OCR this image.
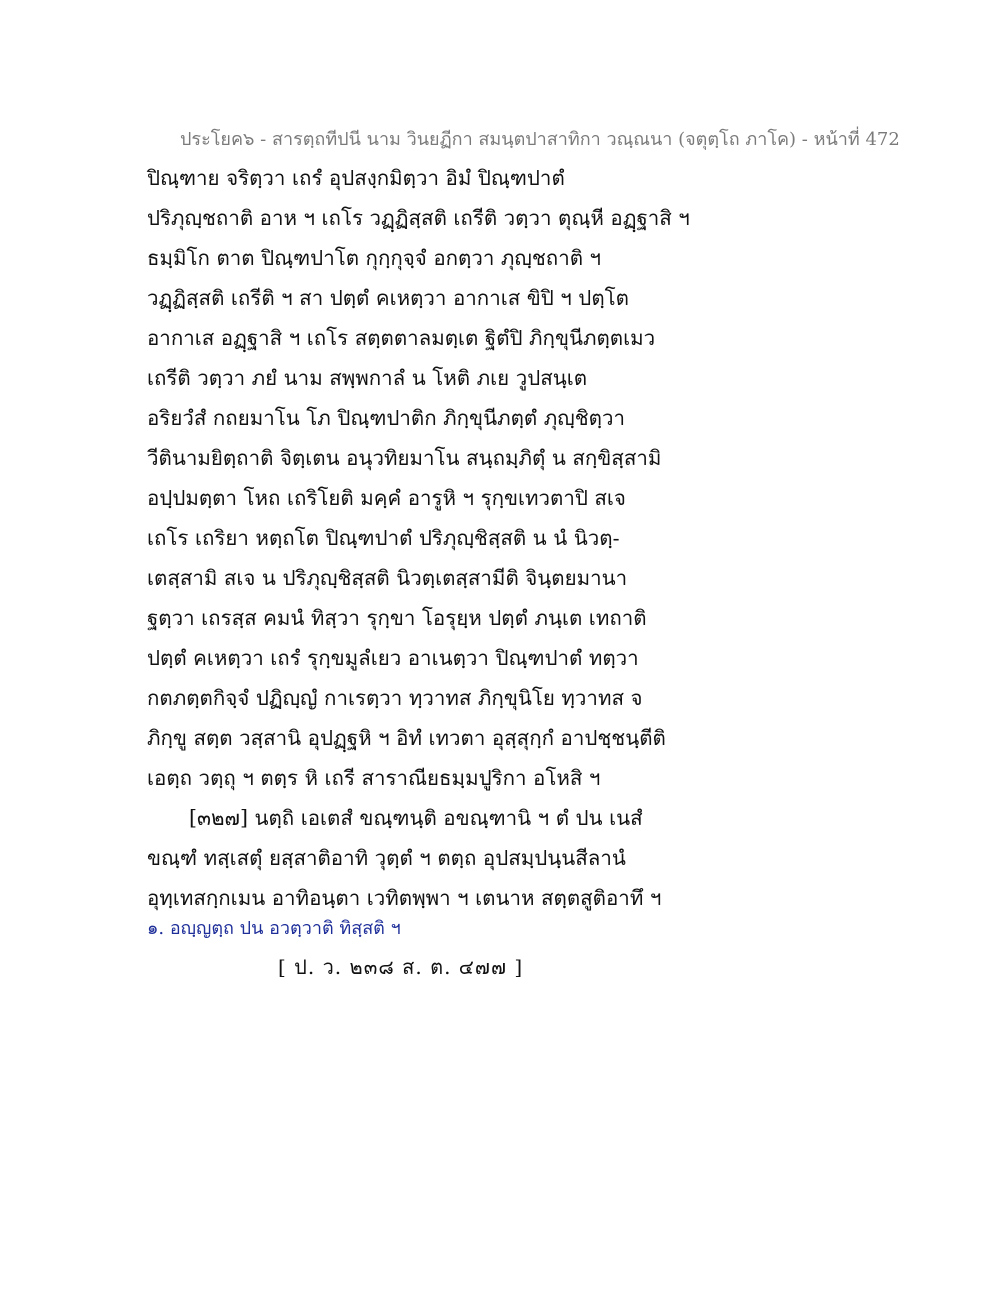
ประโยค๖ - สารตฺถทีปนี นาม วินยฏีกา สมนฺตปาสาทิกา วณฺณนา (จตุตฺโถ ภาโค) - หน้าที่ 472
ปิณฺฑาย จริตฺวา เถรํ อุปสงฺกมิตฺวา อิมํ ปิณฺฑปาตํ
ปริภุญฺชถาติ อาห ฯ เถโร วฏฺฏิสฺสติ เถรีติ วตฺวา ตุณฺหี อฏฺฐาสิ ฯ
ธมฺมิโก ตาต ปิณฺฑปาโต กุกฺกุจฺจํ อกตฺวา ภุญฺชถาติ ฯ
วฏฺฏิสฺสติ เถรีติ ฯ สา ปตฺตํ คเหตฺวา อากาเส ขิปิ ฯ ปตฺโต
อากาเส อฏฺฐาสิ ฯ เถโร สตฺตตาลมตฺเต ฐิตํปิ ภิกฺขุนีภตฺตเมว
เถรีติ วตฺวา ภยํ นาม สพฺพกาลํ น โหติ ภเย วูปสนฺเต
อริยวํสํ กถยมาโน โภ ปิณฺฑปาติก ภิกฺขุนีภตฺตํ ภุญฺชิตฺวา
วีตินามยิตฺถาติ จิตฺเตน อนุวทิยมาโน สนฺถมฺภิตุํ น สกฺขิสฺสามิ
อปฺปมตฺตา โหถ เถริโยติ มคฺคํ อารูหิ ฯ รุกฺขเทวตาปิ สเจ
เถโร เถริยา หตฺถโต ปิณฺฑปาตํ ปริภุญฺชิสฺสติ น นํ นิวตฺ-
เตสฺสามิ สเจ น ปริภุญฺชิสฺสติ นิวตฺเตสฺสามีติ จินฺตยมานา
ฐตฺวา เถรสฺส คมนํ ทิสฺวา รุกฺขา โอรุยฺห ปตฺตํ ภนฺเต เทถาติ
ปตฺตํ คเหตฺวา เถรํ รุกฺขมูลํเยว อาเนตฺวา ปิณฺฑปาตํ ทตฺวา
กตภตฺตกิจฺจํ ปฏิญฺญํ กาเรตฺวา ทฺวาทส ภิกฺขุนิโย ทฺวาทส จ
ภิกฺขู สตฺต วสฺสานิ อุปฏฺฐหิ ฯ อิทํ เทวตา อุสฺสุกฺกํ อาปชฺชนฺตีติ
เอตฺถ วตฺถุ ฯ ตตฺร หิ เถรี สาราณียธมฺมปูริกา อโหสิ ฯ
[๓๒๗] นตฺถิ เอเตสํ ขณฺฑนฺติ อขณฺฑานิ ฯ ตํ ปน เนสํ
ขณฺฑํ ทสฺเสตุํ ยสฺสาติอาทิ วุตฺตํ ฯ ตตฺถ อุปสมฺปนฺนสีลานํ
อุทฺเทสกฺกเมน อาทิอนฺตา เวทิตพฺพา ฯ เตนาห สตฺตสูติอาทึ ฯ
๑. อญฺญตฺถ ปน อวตฺวาติ ทิสฺสติ ฯ
[ ป. ว. ๒๓๘ ส. ต. ๔๗๗ ]
